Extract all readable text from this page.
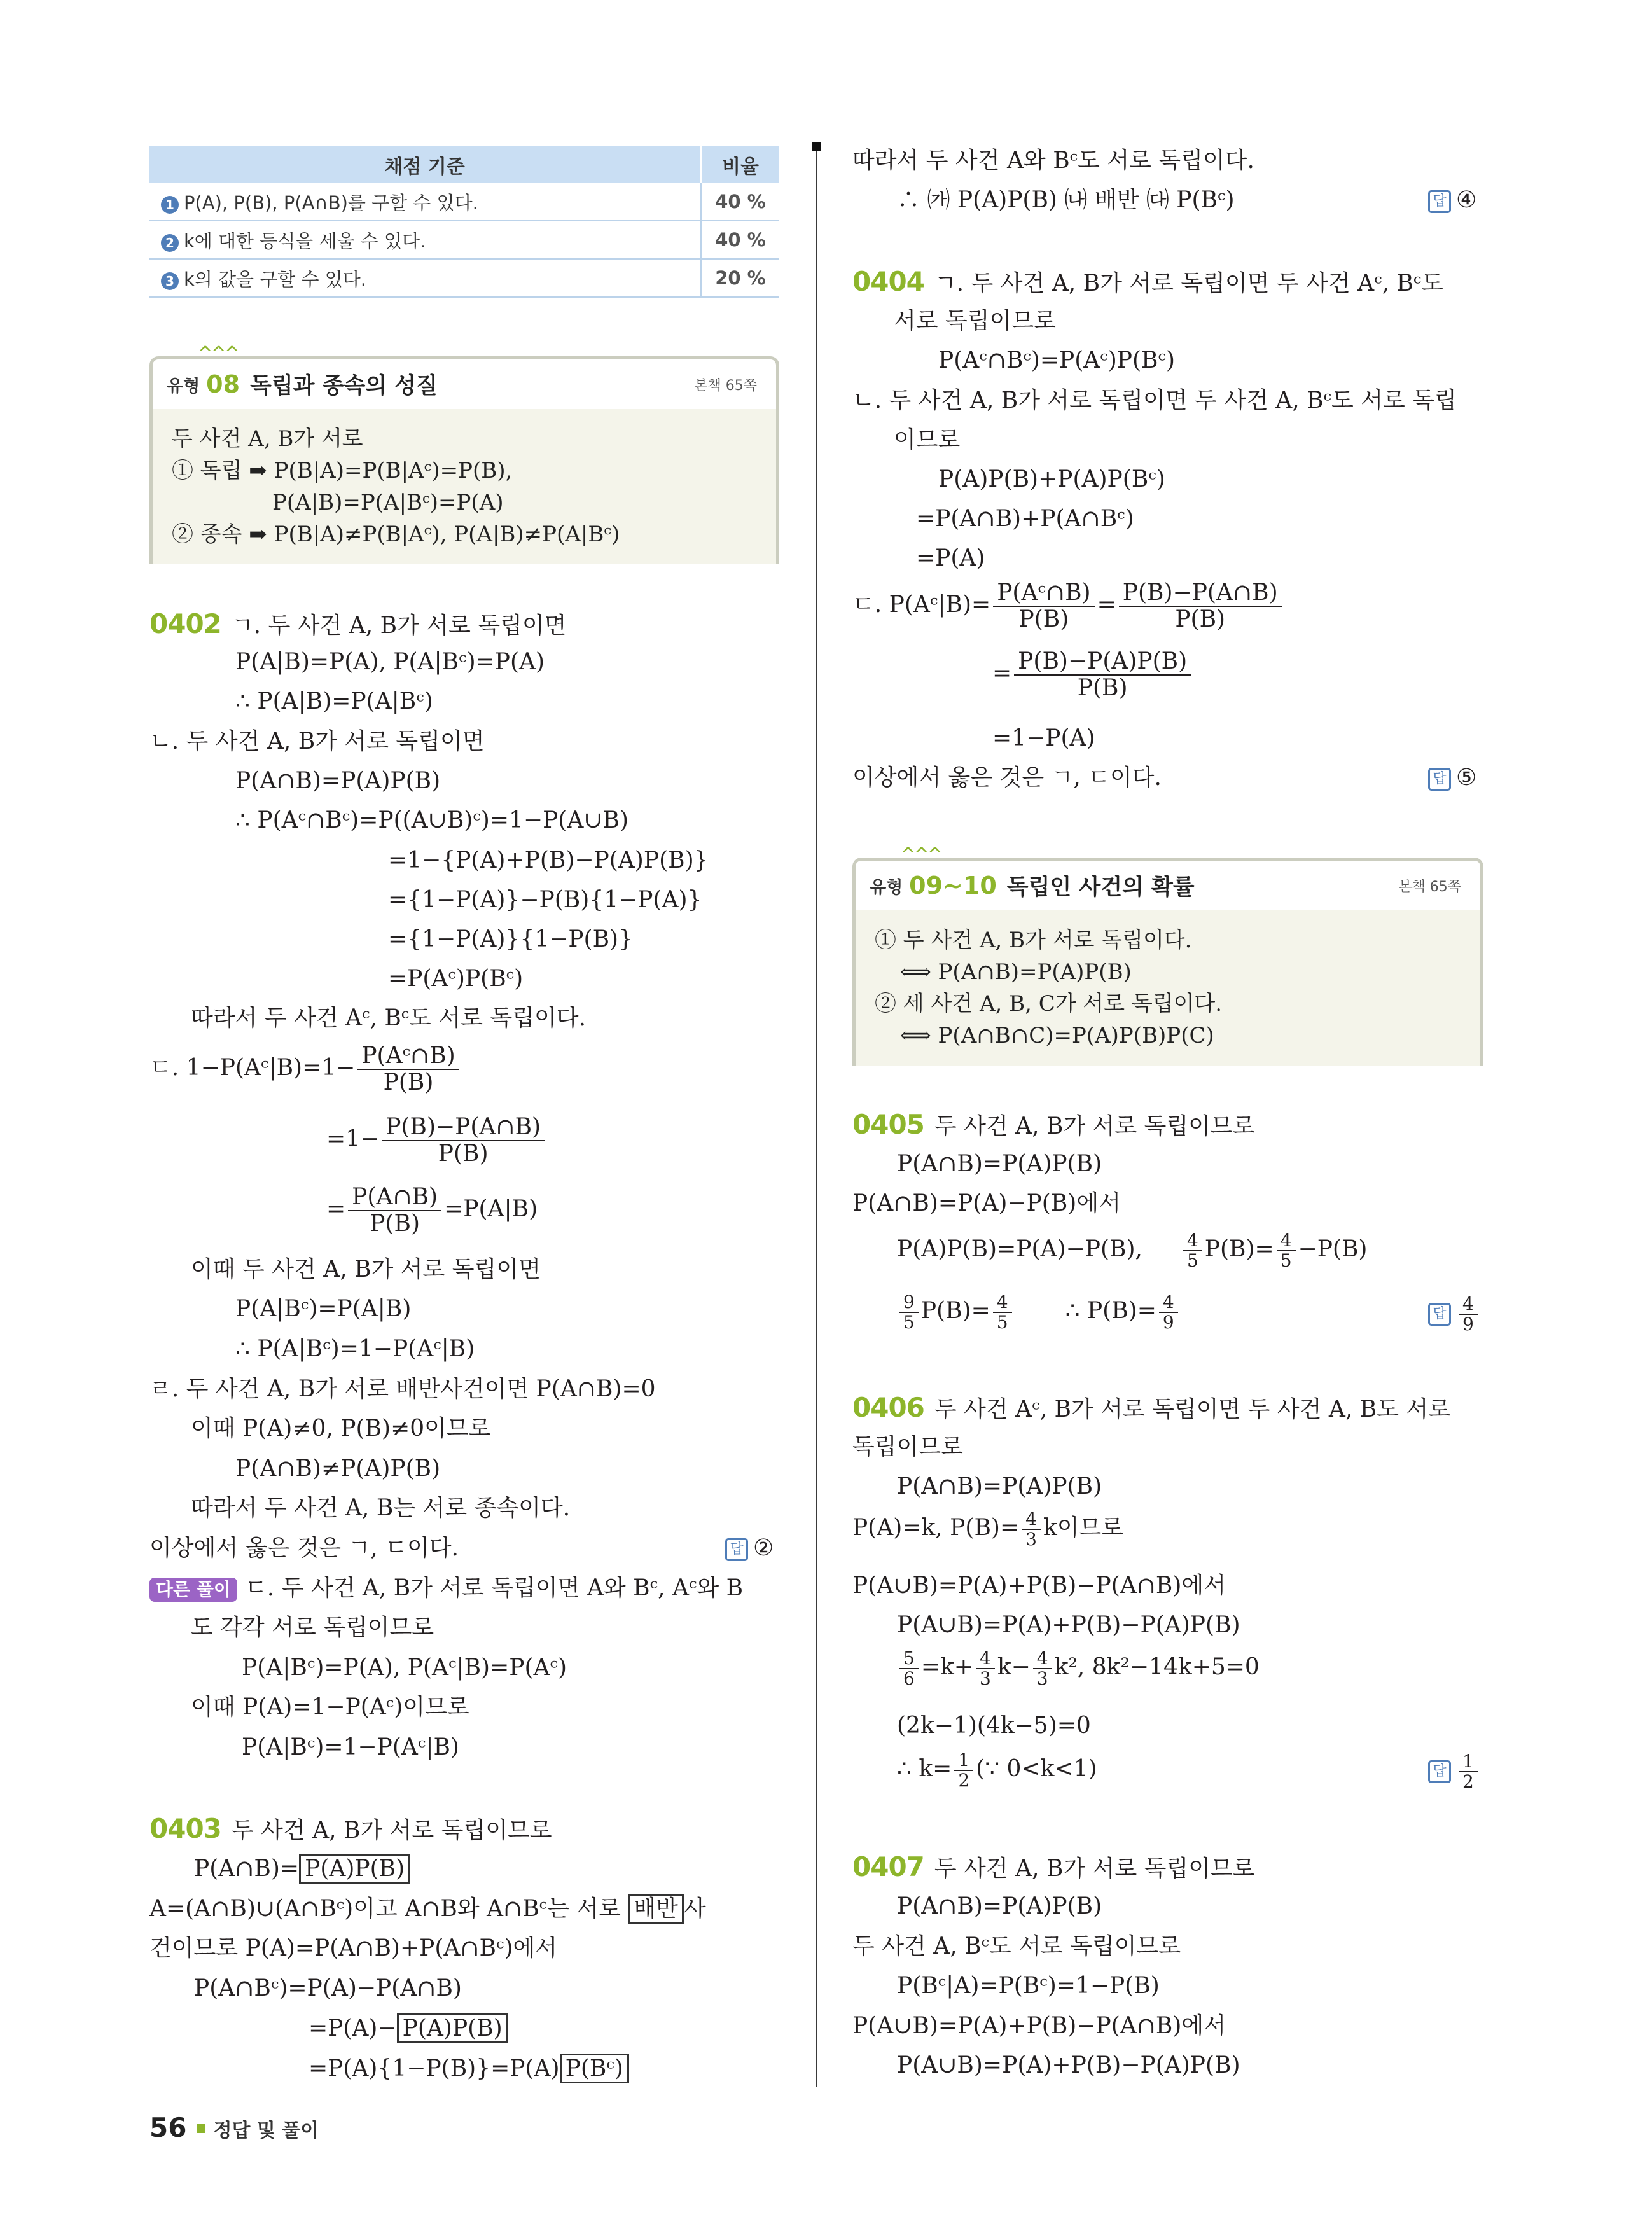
채점 기준	비율
1 P(A), P(B), P(A∩B)를 구할 수 있다.	40 %
2 k에 대한 등식을 세울 수 있다.	40 %
3 k의 값을 구할 수 있다.	20 %
^^^
유형 08 독립과 종속의 성질	본책 65쪽
두 사건 A, B가 서로
① 독립 ➡ P(B|A)=P(B|Aᶜ)=P(B),
P(A|B)=P(A|Bᶜ)=P(A)
② 종속 ➡ P(B|A)≠P(B|Aᶜ), P(A|B)≠P(A|Bᶜ)
0402 ㄱ. 두 사건 A, B가 서로 독립이면
P(A|B)=P(A), P(A|Bᶜ)=P(A)
∴ P(A|B)=P(A|Bᶜ)
ㄴ. 두 사건 A, B가 서로 독립이면
P(A∩B)=P(A)P(B)
∴ P(Aᶜ∩Bᶜ)=P((A∪B)ᶜ)=1−P(A∪B)
=1−{P(A)+P(B)−P(A)P(B)}
={1−P(A)}−P(B){1−P(A)}
={1−P(A)}{1−P(B)}
=P(Aᶜ)P(Bᶜ)
따라서 두 사건 Aᶜ, Bᶜ도 서로 독립이다.
ㄷ. 1−P(Aᶜ|B)=1− $\frac{\text{P(Aᶜ∩B)}}{P(B)}$
$=1- \frac{P(B)-P(A\cap B)}{P(B)}$
= $\frac{P(A\cap B)}{P(B)} =P(A|B)$
이때 두 사건 A, B가 서로 독립이면
P(A|Bᶜ)=P(A|B)
∴ P(A|Bᶜ)=1−P(Aᶜ|B)
ㄹ. 두 사건 A, B가 서로 배반사건이면 P(A∩B)=0
이때 P(A)≠0, P(B)≠0이므로
P(A∩B)≠P(A)P(B)
따라서 두 사건 A, B는 서로 종속이다.
이상에서 옳은 것은 ㄱ, ㄷ이다.	답 ②
다른 풀이 ㄷ. 두 사건 A, B가 서로 독립이면 A와 Bᶜ, Aᶜ와 B
도 각각 서로 독립이므로
P(A|Bᶜ)=P(A), P(Aᶜ|B)=P(Aᶜ)
이때 P(A)=1−P(Aᶜ)이므로
P(A|Bᶜ)=1−P(Aᶜ|B)
0403 두 사건 A, B가 서로 독립이므로
P(A∩B)= P(A)P(B)
A=(A∩B)∪(A∩Bᶜ)이고 A∩B와 A∩Bᶜ는 서로 배반 사
건이므로 P(A)=P(A∩B)+P(A∩Bᶜ)에서
P(A∩Bᶜ)=P(A)−P(A∩B)
=P(A)− P(A)P(B)
=P(A){1−P(B)}=P(A) P(Bᶜ)
따라서 두 사건 A와 Bᶜ도 서로 독립이다.
∴ ㈎ P(A)P(B) ㈏ 배반 ㈐ P(Bᶜ)	답 ④
0404 ㄱ. 두 사건 A, B가 서로 독립이면 두 사건 Aᶜ, Bᶜ도
서로 독립이므로
P(Aᶜ∩Bᶜ)=P(Aᶜ)P(Bᶜ)
ㄴ. 두 사건 A, B가 서로 독립이면 두 사건 A, Bᶜ도 서로 독립
이므로
P(A)P(B)+P(A)P(Bᶜ)
=P(A∩B)+P(A∩Bᶜ)
=P(A)
ㄷ. P(Aᶜ|B)= $\frac{\text{P(Aᶜ∩B)}}{P(B)} = \frac{P(B)-P(A\cap B)}{P(B)}$
= $\frac{P(B)-P(A)P(B)}{P(B)}$
=1−P(A)
이상에서 옳은 것은 ㄱ, ㄷ이다.	답 ⑤
^^^
유형 09~10 독립인 사건의 확률	본책 65쪽
① 두 사건 A, B가 서로 독립이다.
⟺ P(A∩B)=P(A)P(B)
② 세 사건 A, B, C가 서로 독립이다.
⟺ P(A∩B∩C)=P(A)P(B)P(C)
0405 두 사건 A, B가 서로 독립이므로
P(A∩B)=P(A)P(B)
P(A∩B)=P(A)−P(B)에서
P(A)P(B)=P(A)−P(B), $\frac{4}{5} P(B)= \frac{4}{5} -P(B)$
$\frac{9}{5} P(B)= \frac{4}{5}$ ∴ $P(B)= \frac{4}{9}$	답 $\frac{4}{9}$
0406 두 사건 Aᶜ, B가 서로 독립이면 두 사건 A, B도 서로
독립이므로
P(A∩B)=P(A)P(B)
P(A)=k, $P(B)= \frac{4}{3}$ k이므로
P(A∪B)=P(A)+P(B)−P(A∩B)에서
P(A∪B)=P(A)+P(B)−P(A)P(B)
$\frac{5}{6} =k+ \frac{4}{3} k- \frac{4}{3} k^2$, 8k²−14k+5=0
(2k−1)(4k−5)=0
∴ $k= \frac{1}{2}$ (∵ 0<k<1)	답 $\frac{1}{2}$
0407 두 사건 A, B가 서로 독립이므로
P(A∩B)=P(A)P(B)
두 사건 A, Bᶜ도 서로 독립이므로
P(Bᶜ|A)=P(Bᶜ)=1−P(B)
P(A∪B)=P(A)+P(B)−P(A∩B)에서
P(A∪B)=P(A)+P(B)−P(A)P(B)
56 정답 및 풀이
